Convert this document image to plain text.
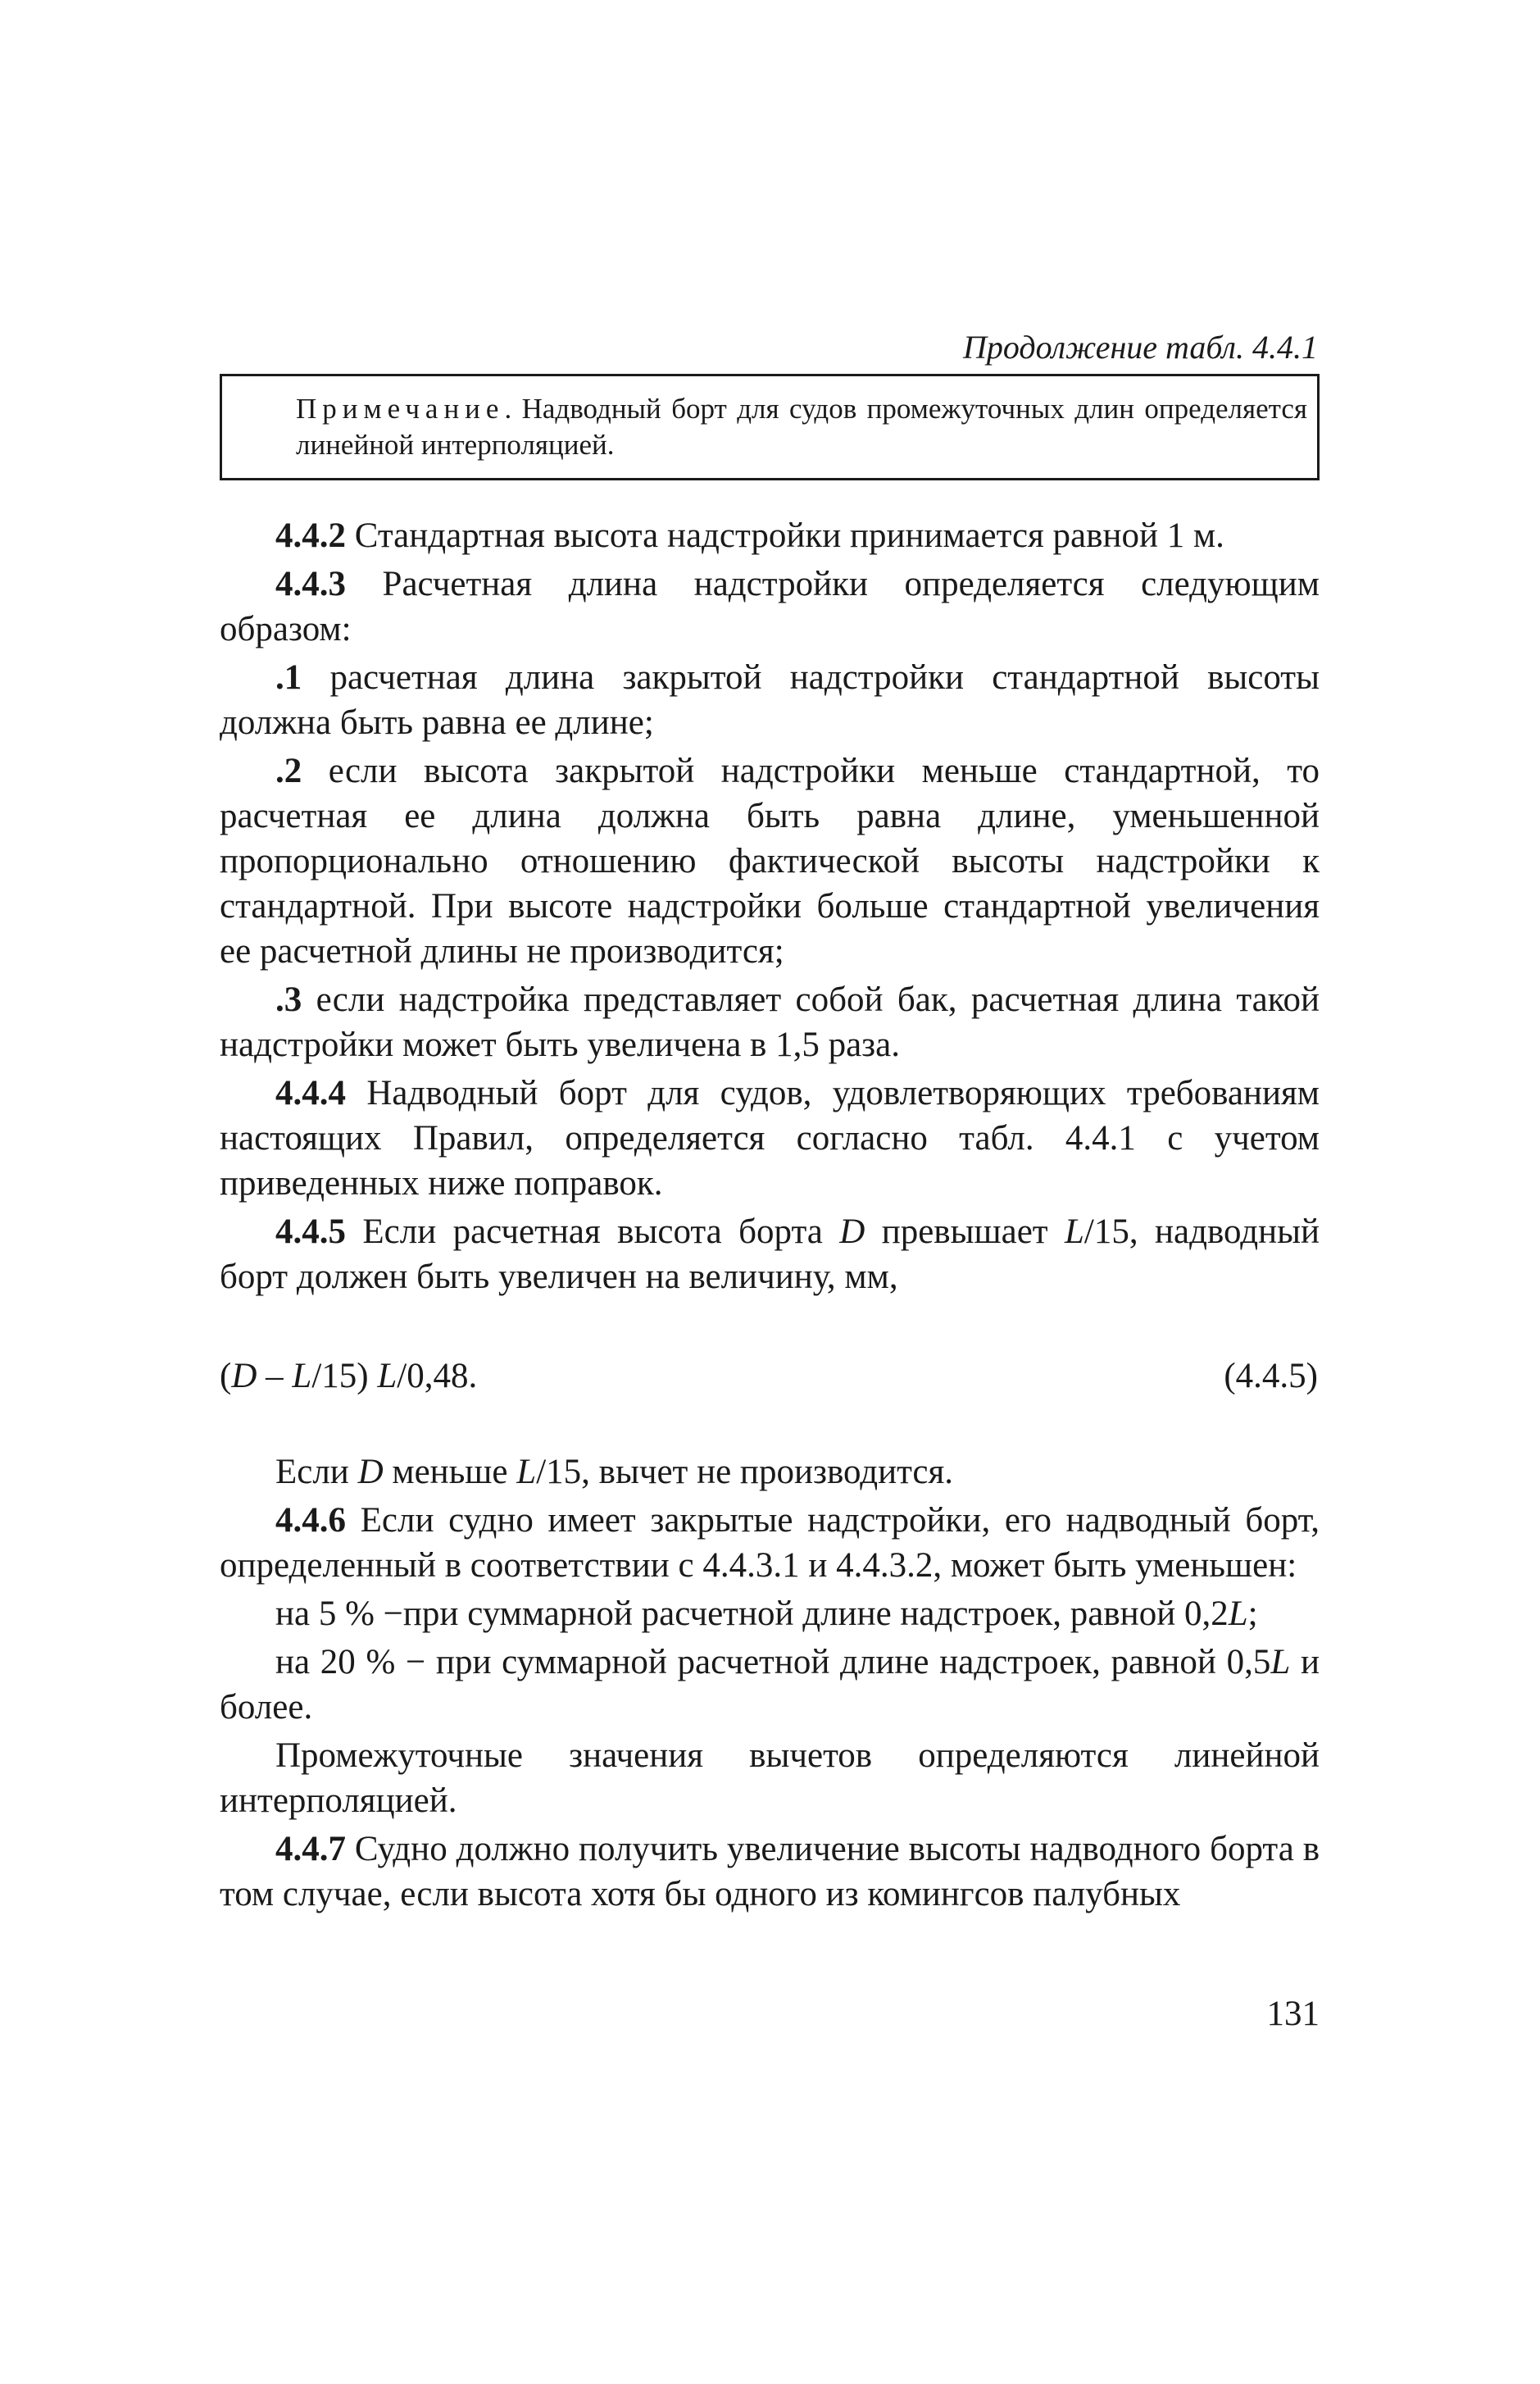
Продолжение табл. 4.4.1
Примечание. Надводный борт для судов промежуточных длин определяется линейной интерполяцией.

4.4.2 Стандартная высота надстройки принимается равной 1 м.

4.4.3 Расчетная длина надстройки определяется следующим образом:

.1 расчетная длина закрытой надстройки стандартной высоты должна быть равна ее длине;

.2 если высота закрытой надстройки меньше стандартной, то расчетная ее длина должна быть равна длине, уменьшенной пропорционально отношению фактической высоты надстройки к стандартной. При высоте надстройки больше стандартной увеличения ее расчетной длины не производится;

.3 если надстройка представляет собой бак, расчетная длина такой надстройки может быть увеличена в 1,5 раза.

4.4.4 Надводный борт для судов, удовлетворяющих требованиям настоящих Правил, определяется согласно табл. 4.4.1 с учетом приведенных ниже поправок.

4.4.5 Если расчетная высота борта D превышает L/15, надводный борт должен быть увеличен на величину, мм,

(D – L/15) L/0,48.	(4.4.5)

Если D меньше L/15, вычет не производится.

4.4.6 Если судно имеет закрытые надстройки, его надводный борт, определенный в соответствии с 4.4.3.1 и 4.4.3.2, может быть уменьшен:

на 5 % −при суммарной расчетной длине надстроек, равной 0,2L;

на 20 % − при суммарной расчетной длине надстроек, равной 0,5L и более.

Промежуточные значения вычетов определяются линейной интерполяцией.

4.4.7 Судно должно получить увеличение высоты надводного борта в том случае, если высота хотя бы одного из комингсов палубных

131
